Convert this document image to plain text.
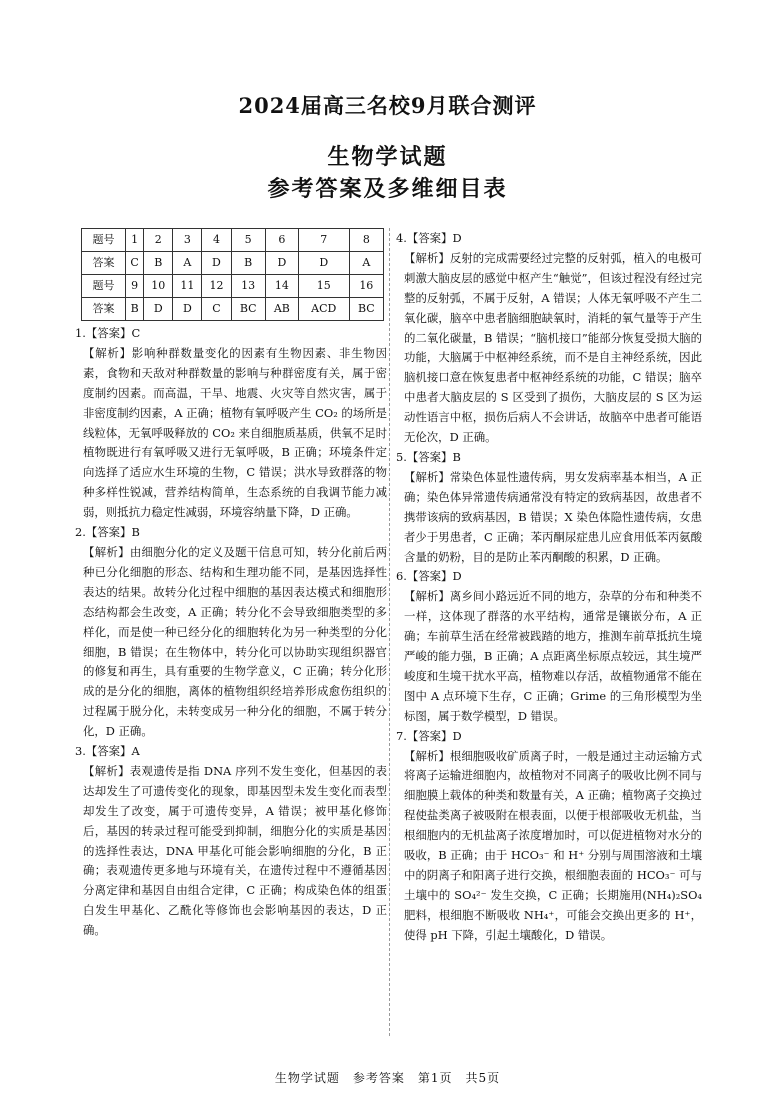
2024届高三名校9月联合测评
生物学试题
参考答案及多维细目表
题号	1	2	3	4	5	6	7	8
答案	C	B	A	D	B	D	D	A
题号	9	10	11	12	13	14	15	16
答案	B	D	D	C	BC	AB	ACD	BC
1.【答案】C
【解析】影响种群数量变化的因素有生物因素、非生物因素，食物和天敌对种群数量的影响与种群密度有关，属于密度制约因素。而高温，干旱、地震、火灾等自然灾害，属于非密度制约因素，A 正确；植物有氧呼吸产生 CO₂ 的场所是线粒体，无氧呼吸释放的 CO₂ 来自细胞质基质，供氧不足时植物既进行有氧呼吸又进行无氧呼吸，B 正确；环境条件定向选择了适应水生环境的生物，C 错误；洪水导致群落的物种多样性锐减，营养结构简单，生态系统的自我调节能力减弱，则抵抗力稳定性减弱，环境容纳量下降，D 正确。
2.【答案】B
【解析】由细胞分化的定义及题干信息可知，转分化前后两种已分化细胞的形态、结构和生理功能不同，是基因选择性表达的结果。故转分化过程中细胞的基因表达模式和细胞形态结构都会生改变，A 正确；转分化不会导致细胞类型的多样化，而是使一种已经分化的细胞转化为另一种类型的分化细胞，B 错误；在生物体中，转分化可以协助实现组织器官的修复和再生，具有重要的生物学意义，C 正确；转分化形成的是分化的细胞，离体的植物组织经培养形成愈伤组织的过程属于脱分化，未转变成另一种分化的细胞，不属于转分化，D 正确。
3.【答案】A
【解析】表观遗传是指 DNA 序列不发生变化，但基因的表达却发生了可遗传变化的现象，即基因型未发生变化而表型却发生了改变，属于可遗传变异，A 错误；被甲基化修饰后，基因的转录过程可能受到抑制，细胞分化的实质是基因的选择性表达，DNA 甲基化可能会影响细胞的分化，B 正确；表观遗传更多地与环境有关，在遗传过程中不遵循基因分离定律和基因自由组合定律，C 正确；构成染色体的组蛋白发生甲基化、乙酰化等修饰也会影响基因的表达，D 正确。
4.【答案】D
【解析】反射的完成需要经过完整的反射弧，植入的电极可刺激大脑皮层的感觉中枢产生“触觉”，但该过程没有经过完整的反射弧，不属于反射，A 错误；人体无氧呼吸不产生二氧化碳，脑卒中患者脑细胞缺氧时，消耗的氧气量等于产生的二氧化碳量，B 错误；“脑机接口”能部分恢复受损大脑的功能，大脑属于中枢神经系统，而不是自主神经系统，因此脑机接口意在恢复患者中枢神经系统的功能，C 错误；脑卒中患者大脑皮层的 S 区受到了损伤，大脑皮层的 S 区为运动性语言中枢，损伤后病人不会讲话，故脑卒中患者可能语无伦次，D 正确。
5.【答案】B
【解析】常染色体显性遗传病，男女发病率基本相当，A 正确；染色体异常遗传病通常没有特定的致病基因，故患者不携带该病的致病基因，B 错误；X 染色体隐性遗传病，女患者少于男患者，C 正确；苯丙酮尿症患儿应食用低苯丙氨酸含量的奶粉，目的是防止苯丙酮酸的积累，D 正确。
6.【答案】D
【解析】离乡间小路远近不同的地方，杂草的分布和种类不一样，这体现了群落的水平结构，通常是镶嵌分布，A 正确；车前草生活在经常被践踏的地方，推测车前草抵抗生境严峻的能力强，B 正确；A 点距离坐标原点较远，其生境严峻度和生境干扰水平高，植物难以存活，故植物通常不能在图中 A 点环境下生存，C 正确；Grime 的三角形模型为坐标图，属于数学模型，D 错误。
7.【答案】D
【解析】根细胞吸收矿质离子时，一般是通过主动运输方式将离子运输进细胞内，故植物对不同离子的吸收比例不同与细胞膜上载体的种类和数量有关，A 正确；植物离子交换过程使盐类离子被吸附在根表面，以便于根部吸收无机盐，当根细胞内的无机盐离子浓度增加时，可以促进植物对水分的吸收，B 正确；由于 HCO₃⁻ 和 H⁺ 分别与周围溶液和土壤中的阴离子和阳离子进行交换，根细胞表面的 HCO₃⁻ 可与土壤中的 SO₄²⁻ 发生交换，C 正确；长期施用(NH₄)₂SO₄ 肥料，根细胞不断吸收 NH₄⁺，可能会交换出更多的 H⁺，使得 pH 下降，引起土壤酸化，D 错误。
生物学试题　参考答案　第1页　共5页
